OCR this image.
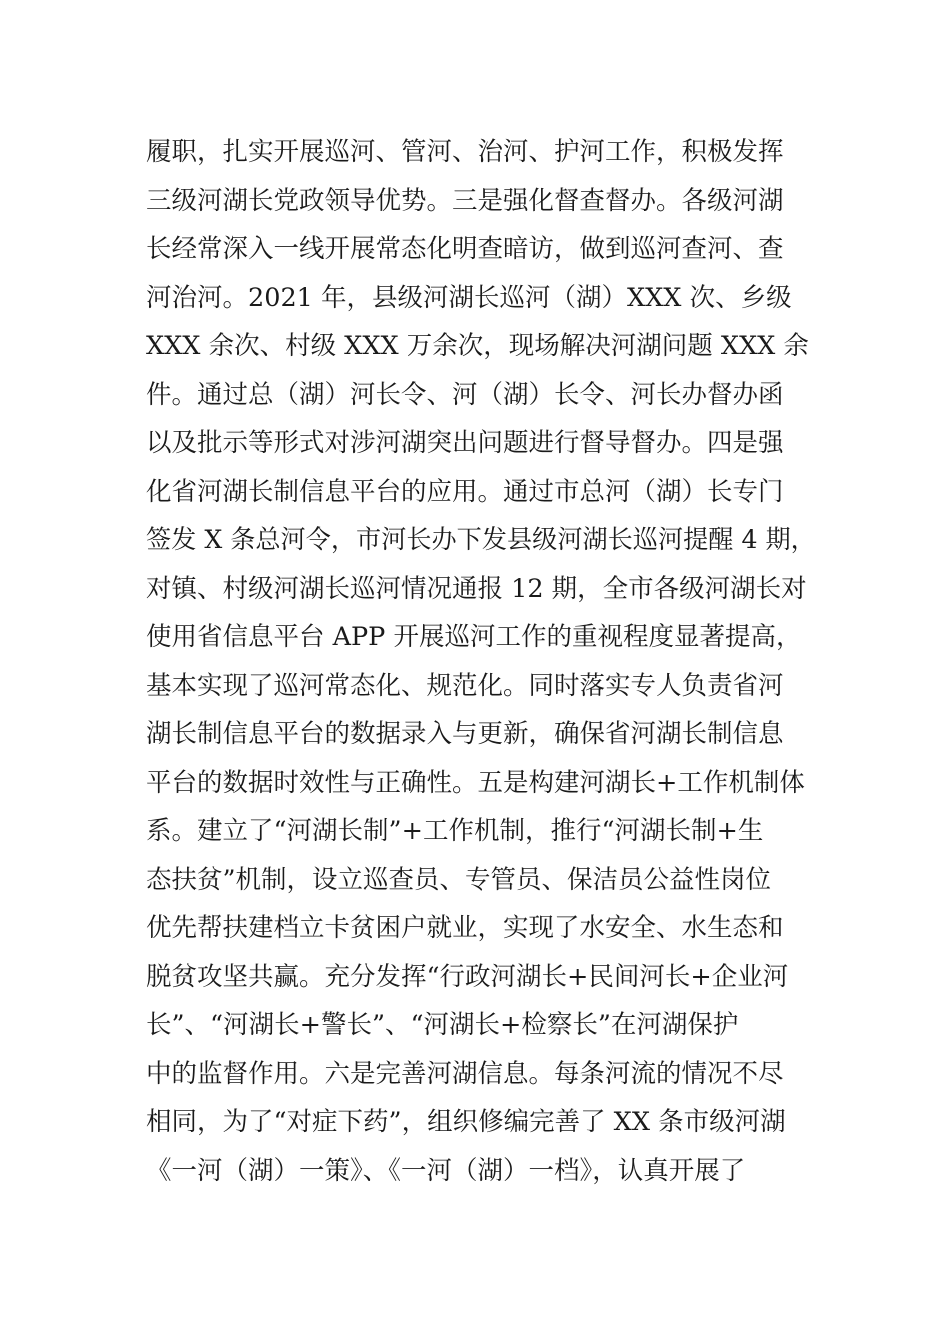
履职，扎实开展巡河、管河、治河、护河工作，积极发挥
三级河湖长党政领导优势。三是强化督查督办。各级河湖
长经常深入一线开展常态化明查暗访，做到巡河查河、查
河治河。2021 年，县级河湖长巡河（湖）XXX 次、乡级
XXX 余次、村级 XXX 万余次，现场解决河湖问题 XXX 余
件。通过总（湖）河长令、河（湖）长令、河长办督办函
以及批示等形式对涉河湖突出问题进行督导督办。四是强
化省河湖长制信息平台的应用。通过市总河（湖）长专门
签发 X 条总河令，市河长办下发县级河湖长巡河提醒 4 期，
对镇、村级河湖长巡河情况通报 12 期，全市各级河湖长对
使用省信息平台 APP 开展巡河工作的重视程度显著提高，
基本实现了巡河常态化、规范化。同时落实专人负责省河
湖长制信息平台的数据录入与更新，确保省河湖长制信息
平台的数据时效性与正确性。五是构建河湖长+工作机制体
系。建立了“河湖长制”+工作机制，推行“河湖长制+生
态扶贫”机制，设立巡查员、专管员、保洁员公益性岗位
优先帮扶建档立卡贫困户就业，实现了水安全、水生态和
脱贫攻坚共赢。充分发挥“行政河湖长+民间河长+企业河
长”、“河湖长+警长”、“河湖长+检察长”在河湖保护
中的监督作用。六是完善河湖信息。每条河流的情况不尽
相同，为了“对症下药”，组织修编完善了 XX 条市级河湖
《一河（湖）一策》、《一河（湖）一档》，认真开展了
